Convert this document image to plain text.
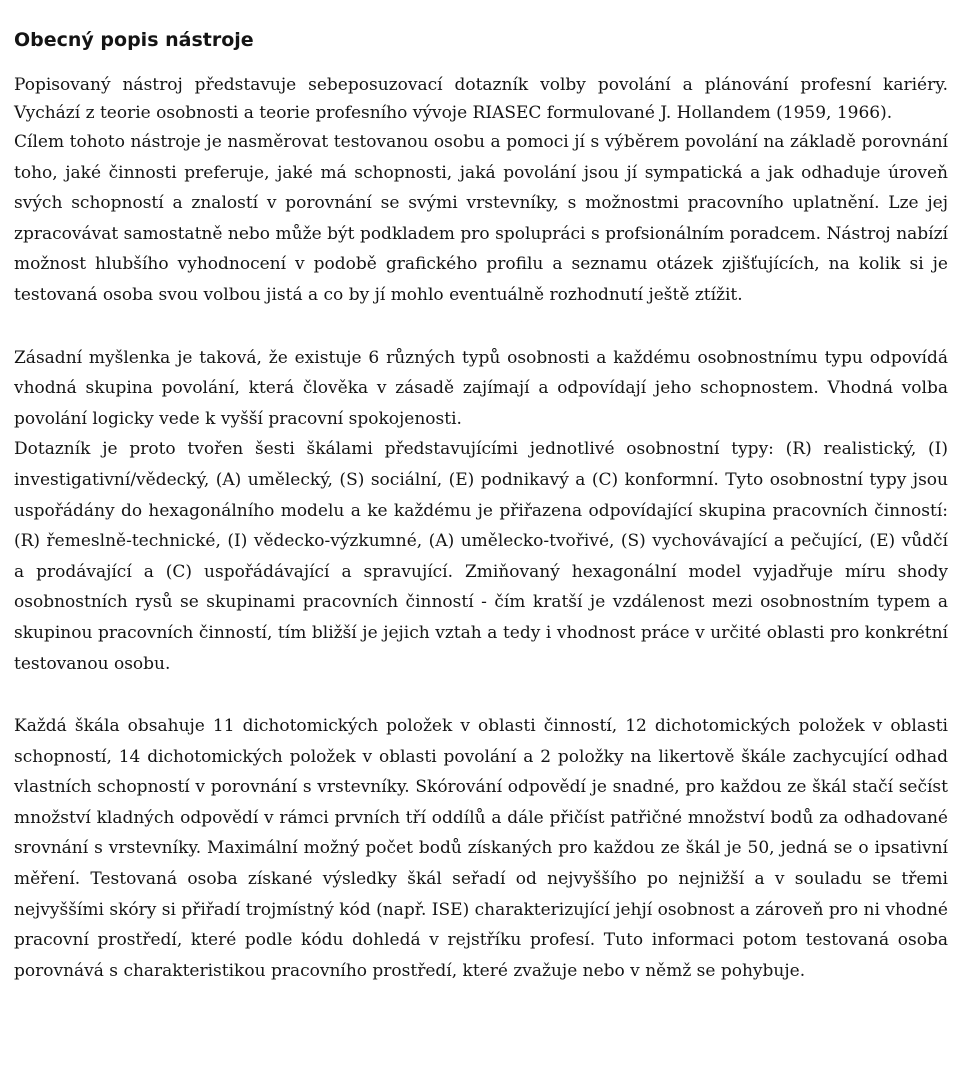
Obecný popis nástroje

Popisovaný nástroj představuje sebeposuzovací dotazník volby povolání a plánování profesní kariéry. Vychází z teorie osobnosti a teorie profesního vývoje RIASEC formulované J. Hollandem (1959, 1966).

Cílem tohoto nástroje je nasměrovat testovanou osobu a pomoci jí s výběrem povolání na základě porovnání toho, jaké činnosti preferuje, jaké má schopnosti, jaká povolání jsou jí sympatická a jak odhaduje úroveň svých schopností a znalostí v porovnání se svými vrstevníky, s možnostmi pracovního uplatnění. Lze jej zpracovávat samostatně nebo může být podkladem pro spolupráci s profsionálním poradcem. Nástroj nabízí možnost hlubšího vyhodnocení v podobě grafického profilu a seznamu otázek zjišťujících, na kolik si je testovaná osoba svou volbou jistá a co by jí mohlo eventuálně rozhodnutí ještě ztížit.

Zásadní myšlenka je taková, že existuje 6 různých typů osobnosti a každému osobnostnímu typu odpovídá vhodná skupina povolání, která člověka v zásadě zajímají a odpovídají jeho schopnostem. Vhodná volba povolání logicky vede k vyšší pracovní spokojenosti.

Dotazník je proto tvořen šesti škálami představujícími jednotlivé osobnostní typy: (R) realistický, (I) investigativní/vědecký, (A) umělecký, (S) sociální, (E) podnikavý a (C) konformní. Tyto osobnostní typy jsou uspořádány do hexagonálního modelu a ke každému je přiřazena odpovídající skupina pracovních činností: (R) řemeslně-technické, (I) vědecko-výzkumné, (A) umělecko-tvořivé, (S) vychovávající a pečující, (E) vůdčí a prodávající a (C) uspořádávající a spravující. Zmiňovaný hexagonální model vyjadřuje míru shody osobnostních rysů se skupinami pracovních činností - čím kratší je vzdálenost mezi osobnostním typem a skupinou pracovních činností, tím bližší je jejich vztah a tedy i vhodnost práce v určité oblasti pro konkrétní testovanou osobu.

Každá škála obsahuje 11 dichotomických položek v oblasti činností, 12 dichotomických položek v oblasti schopností, 14 dichotomických položek v oblasti povolání a 2 položky na likertově škále zachycující odhad vlastních schopností v porovnání s vrstevníky. Skórování odpovědí je snadné, pro každou ze škál stačí sečíst množství kladných odpovědí v rámci prvních tří oddílů a dále přičíst patřičné množství bodů za odhadované srovnání s vrstevníky. Maximální možný počet bodů získaných pro každou ze škál je 50, jedná se o ipsativní měření. Testovaná osoba získané výsledky škál seřadí od nejvyššího po nejnižší a v souladu se třemi nejvyššími skóry si přiřadí trojmístný kód (např. ISE) charakterizující jehjí osobnost a zároveň pro ni vhodné pracovní prostředí, které podle kódu dohledá v rejstříku profesí. Tuto informaci potom testovaná osoba porovnává s charakteristikou pracovního prostředí, které zvažuje nebo v němž se pohybuje.
